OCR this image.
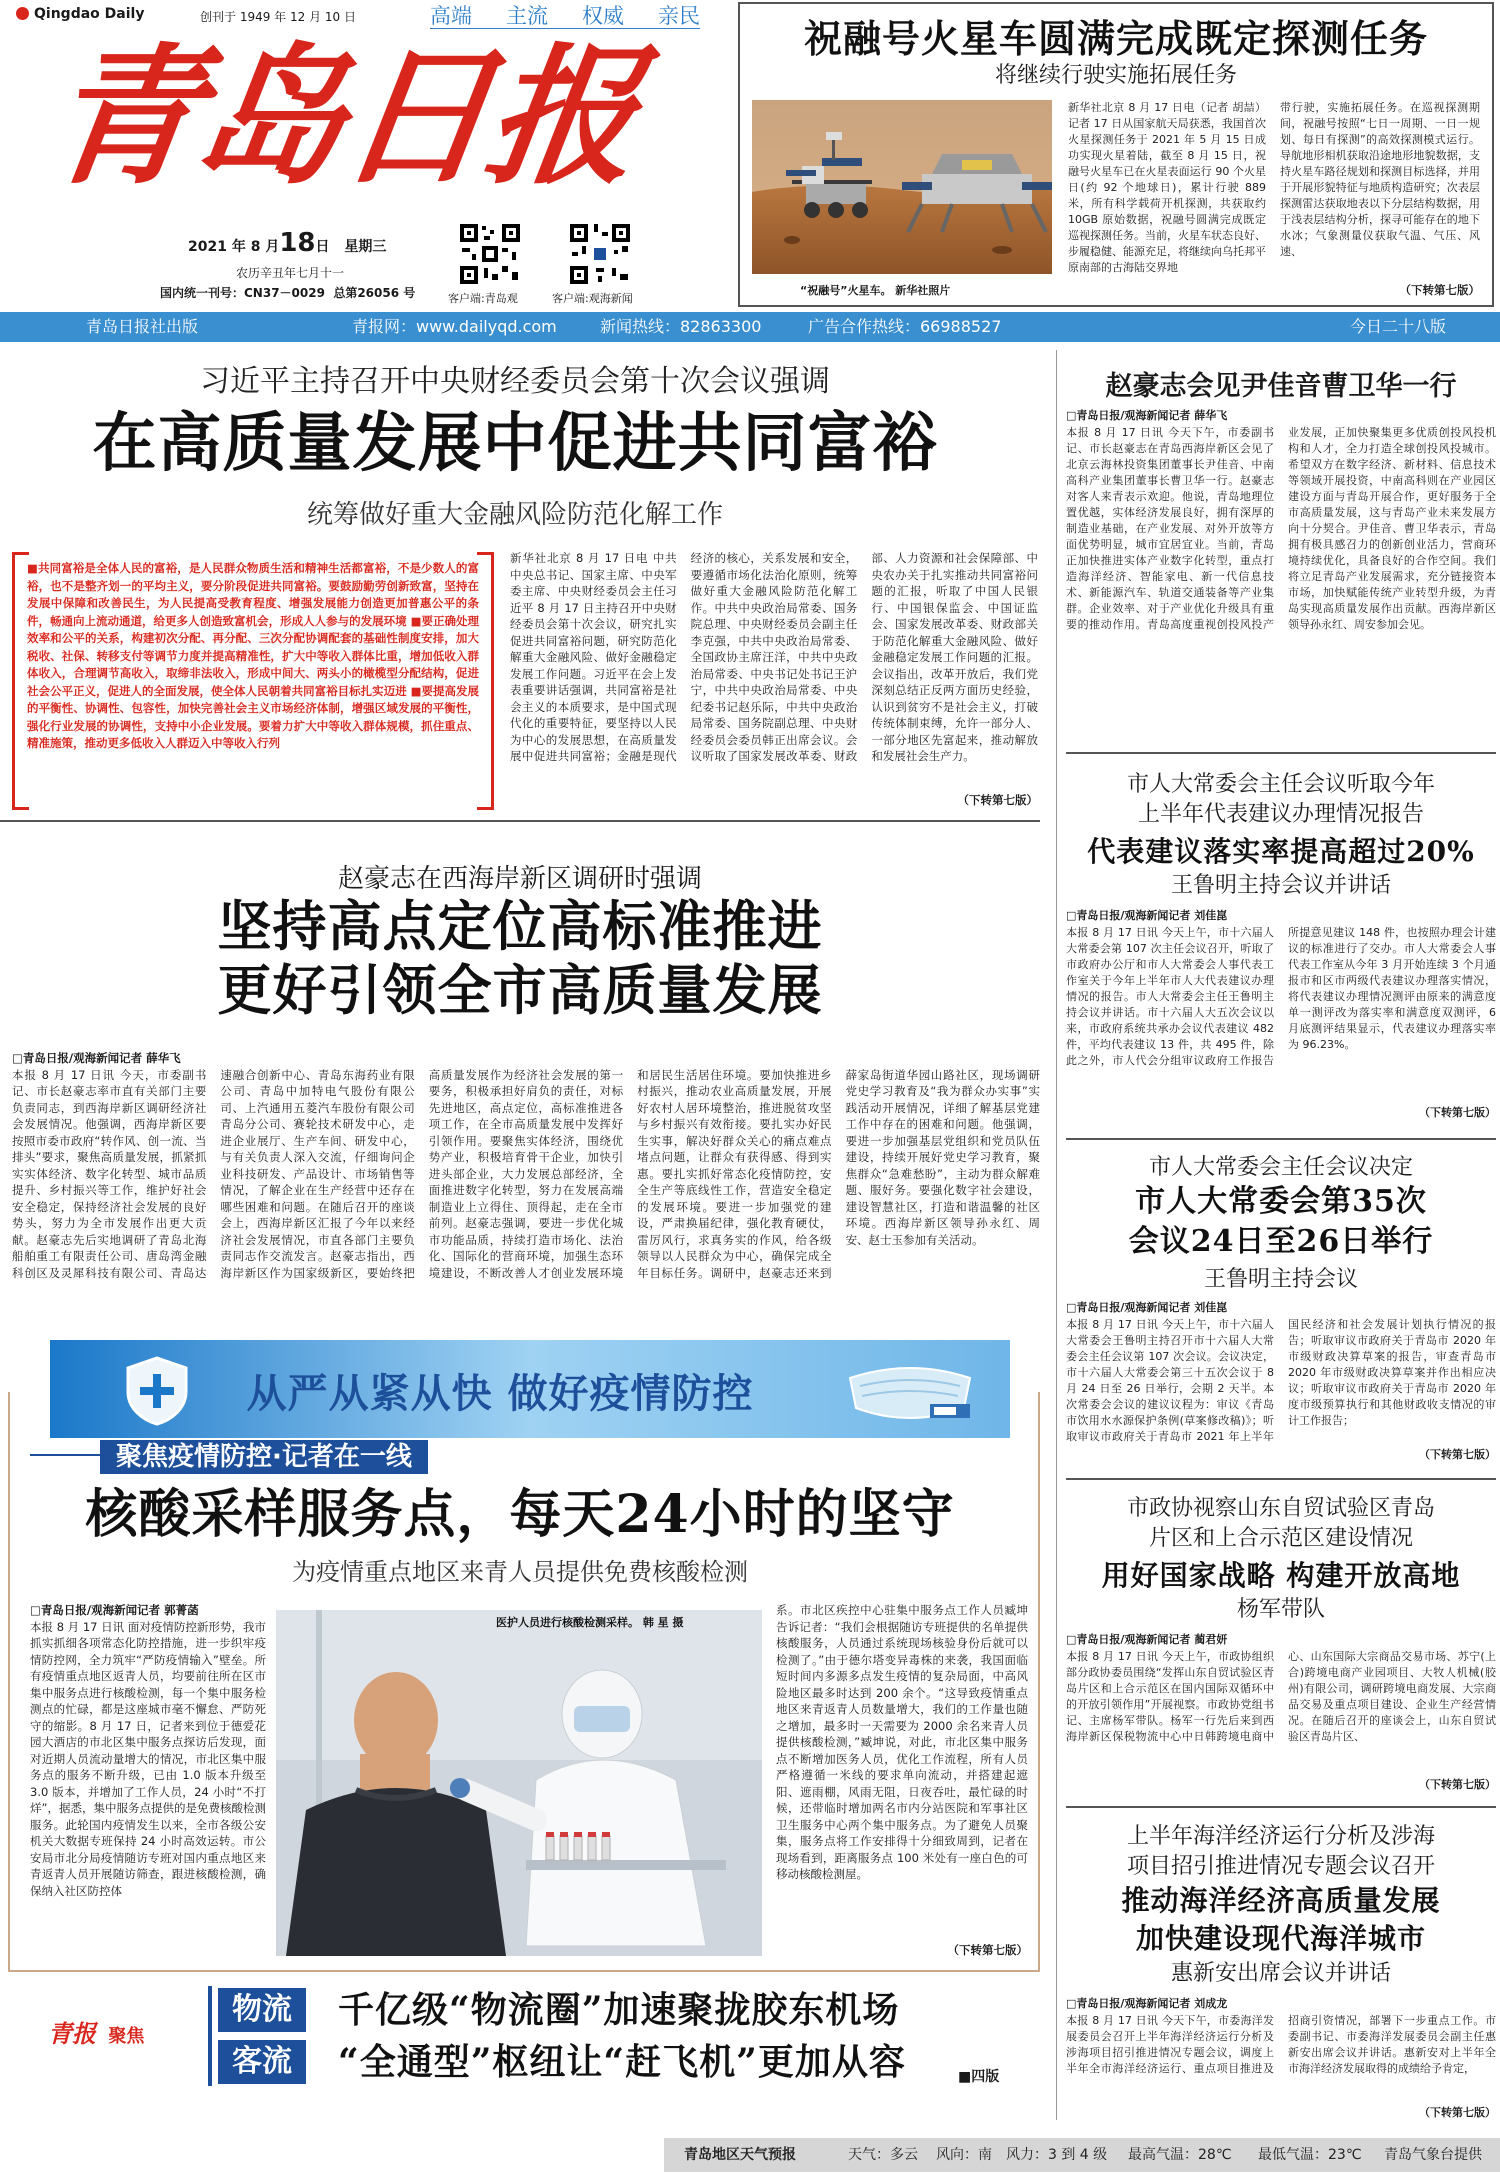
Qingdao Daily	创刊于 1949 年 12 月 10 日	高端 主流 权威 亲民
青岛日报
2021 年 8 月18日 星期三
农历辛丑年七月十一
国内统一刊号：CN37－0029 总第26056 号	客户端:青岛观	客户端:观海新闻
祝融号火星车圆满完成既定探测任务
将继续行驶实施拓展任务
“祝融号”火星车。 新华社照片

新华社北京 8 月 17 日电（记者 胡喆）记者 17 日从国家航天局获悉，我国首次火星探测任务于 2021 年 5 月 15 日成功实现火星着陆，截至 8 月 15 日，祝融号火星车已在火星表面运行 90 个火星日(约 92 个地球日)，累计行驶 889 米，所有科学载荷开机探测，共获取约 10GB 原始数据，祝融号圆满完成既定巡视探测任务。当前，火星车状态良好、步履稳健、能源充足，将继续向乌托邦平原南部的古海陆交界地

带行驶，实施拓展任务。在巡视探测期间，祝融号按照“七日一周期、一日一规划、每日有探测”的高效探测模式运行。导航地形相机获取沿途地形地貌数据，支持火星车路径规划和探测目标选择，并用于开展形貌特征与地质构造研究；次表层探测雷达获取地表以下分层结构数据，用于浅表层结构分析，探寻可能存在的地下水冰；气象测量仪获取气温、气压、风速、

（下转第七版）
青岛日报社出版	青报网：www.dailyqd.com	新闻热线：82863300	广告合作热线：66988527	今日二十八版
习近平主持召开中央财经委员会第十次会议强调
在高质量发展中促进共同富裕
统筹做好重大金融风险防范化解工作

■共同富裕是全体人民的富裕，是人民群众物质生活和精神生活都富裕，不是少数人的富裕，也不是整齐划一的平均主义，要分阶段促进共同富裕。要鼓励勤劳创新致富，坚持在发展中保障和改善民生，为人民提高受教育程度、增强发展能力创造更加普惠公平的条件，畅通向上流动通道，给更多人创造致富机会，形成人人参与的发展环境 ■要正确处理效率和公平的关系，构建初次分配、再分配、三次分配协调配套的基础性制度安排，加大税收、社保、转移支付等调节力度并提高精准性，扩大中等收入群体比重，增加低收入群体收入，合理调节高收入，取缔非法收入，形成中间大、两头小的橄榄型分配结构，促进社会公平正义，促进人的全面发展，使全体人民朝着共同富裕目标扎实迈进 ■要提高发展的平衡性、协调性、包容性，加快完善社会主义市场经济体制，增强区域发展的平衡性，强化行业发展的协调性，支持中小企业发展。要着力扩大中等收入群体规模，抓住重点、精准施策，推动更多低收入人群迈入中等收入行列

新华社北京 8 月 17 日电 中共中央总书记、国家主席、中央军委主席、中央财经委员会主任习近平 8 月 17 日主持召开中央财经委员会第十次会议，研究扎实促进共同富裕问题，研究防范化解重大金融风险、做好金融稳定发展工作问题。习近平在会上发表重要讲话强调，共同富裕是社会主义的本质要求，是中国式现代化的重要特征，要坚持以人民为中心的发展思想，在高质量发展中促进共同富裕；金融是现代经济的核心，关系发展和安全，要遵循市场化法治化原则，统筹做好重大金融风险防范化解工作。中共中央政治局常委、国务院总理、中央财经委员会副主任李克强，中共中央政治局常委、全国政协主席汪洋，中共中央政治局常委、中央书记处书记王沪宁，中共中央政治局常委、中央纪委书记赵乐际，中共中央政治局常委、国务院副总理、中央财经委员会委员韩正出席会议。会议听取了国家发展改革委、财政部、人力资源和社会保障部、中央农办关于扎实推动共同富裕问题的汇报，听取了中国人民银行、中国银保监会、中国证监会、国家发展改革委、财政部关于防范化解重大金融风险、做好金融稳定发展工作问题的汇报。会议指出，改革开放后，我们党深刻总结正反两方面历史经验，认识到贫穷不是社会主义，打破传统体制束缚，允许一部分人、一部分地区先富起来，推动解放和发展社会生产力。

（下转第七版）
赵豪志在西海岸新区调研时强调
坚持高点定位高标准推进
更好引领全市高质量发展

□青岛日报/观海新闻记者 薛华飞

本报 8 月 17 日讯 今天，市委副书记、市长赵豪志率市直有关部门主要负责同志，到西海岸新区调研经济社会发展情况。他强调，西海岸新区要按照市委市政府“转作风、创一流、当排头”要求，聚焦高质量发展，抓紧抓实实体经济、数字化转型、城市品质提升、乡村振兴等工作，维护好社会安全稳定，保持经济社会发展的良好势头，努力为全市发展作出更大贡献。赵豪志先后实地调研了青岛北海船舶重工有限责任公司、唐岛湾金融科创区及灵犀科技有限公司、青岛达速融合创新中心、青岛东海药业有限公司、青岛中加特电气股份有限公司、上汽通用五菱汽车股份有限公司青岛分公司、赛轮技术研发中心，走进企业展厅、生产车间、研发中心，与有关负责人深入交流，仔细询问企业科技研发、产品设计、市场销售等情况，了解企业在生产经营中还存在哪些困难和问题。在随后召开的座谈会上，西海岸新区汇报了今年以来经济社会发展情况，市直各部门主要负责同志作交流发言。赵豪志指出，西海岸新区作为国家级新区，要始终把高质量发展作为经济社会发展的第一要务，积极承担好肩负的责任，对标先进地区，高点定位，高标准推进各项工作，在全市高质量发展中发挥好引领作用。要聚焦实体经济，围绕优势产业，积极培育骨干企业，加快引进头部企业，大力发展总部经济，全面推进数字化转型，努力在发展高端制造业上立得住、顶得起，走在全市前列。赵豪志强调，要进一步优化城市功能品质，持续打造市场化、法治化、国际化的营商环境，加强生态环境建设，不断改善人才创业发展环境和居民生活居住环境。要加快推进乡村振兴，推动农业高质量发展，开展好农村人居环境整治，推进脱贫攻坚与乡村振兴有效衔接。要扎实办好民生实事，解决好群众关心的痛点难点堵点问题，让群众有获得感、得到实惠。要扎实抓好常态化疫情防控，安全生产等底线性工作，营造安全稳定的发展环境。要进一步加强党的建设，严肃换届纪律，强化教育硬仗，雷厉风行，求真务实的作风，给各级领导以人民群众为中心，确保完成全年目标任务。调研中，赵豪志还来到薛家岛街道华园山路社区，现场调研党史学习教育及“我为群众办实事”实践活动开展情况，详细了解基层党建工作中存在的困难和问题。他强调，要进一步加强基层党组织和党员队伍建设，持续开展好党史学习教育，聚焦群众“急难愁盼”，主动为群众解难题、服好务。要强化数字社会建设，建设智慧社区，打造和谐温馨的社区环境。西海岸新区领导孙永红、周安、赵士玉参加有关活动。

从严从紧从快 做好疫情防控
聚焦疫情防控·记者在一线
核酸采样服务点，每天24小时的坚守
为疫情重点地区来青人员提供免费核酸检测

□青岛日报/观海新闻记者 郭菁菡

本报 8 月 17 日讯 面对疫情防控新形势，我市抓实抓细各项常态化防控措施，进一步织牢疫情防控网，全力筑牢“严防疫情输入”壁垒。所有疫情重点地区返青人员，均要前往所在区市集中服务点进行核酸检测，每一个集中服务检测点的忙碌，都是这座城市毫不懈怠、严防死守的缩影。8 月 17 日，记者来到位于德爱花园大酒店的市北区集中服务点探访后发现，面对近期人员流动量增大的情况，市北区集中服务点的服务不断升级，已由 1.0 版本升级至 3.0 版本，并增加了工作人员，24 小时“不打烊”，据悉，集中服务点提供的是免费核酸检测服务。此轮国内疫情发生以来，全市各级公安机关大数据专班保持 24 小时高效运转。市公安局市北分局疫情随访专班对国内重点地区来青返青人员开展随访筛查，跟进核酸检测，确保纳入社区防控体

医护人员进行核酸检测采样。 韩 星 摄

系。市北区疾控中心驻集中服务点工作人员臧坤告诉记者：“我们会根据随访专班提供的名单提供核酸服务，人员通过系统现场核验身份后就可以检测了。”由于德尔塔变异毒株的来袭，我国面临短时间内多源多点发生疫情的复杂局面，中高风险地区最多时达到 200 余个。“这导致疫情重点地区来青返青人员数量增大，我们的工作量也随之增加，最多时一天需要为 2000 余名来青人员提供核酸检测，”臧坤说，对此，市北区集中服务点不断增加医务人员，优化工作流程，所有人员严格遵循一米线的要求单向流动，并搭建起遮阳、遮雨棚，风雨无阻，日夜吞吐，最忙碌的时候，还带临时增加两名市内分站医院和军事社区卫生服务中心两个集中服务点。为了避免人员聚集，服务点将工作安排得十分细致周到，记者在现场看到，距离服务点 100 米处有一座白色的可移动核酸检测屋。

（下转第七版）
青报 聚焦
物流	千亿级“物流圈”加速聚拢胶东机场
客流	“全通型”枢纽让“赶飞机”更加从容	■四版
赵豪志会见尹佳音曹卫华一行

□青岛日报/观海新闻记者 薛华飞

本报 8 月 17 日讯 今天下午，市委副书记、市长赵豪志在青岛西海岸新区会见了北京云海林投资集团董事长尹佳音、中南高科产业集团董事长曹卫华一行。赵豪志对客人来青表示欢迎。他说，青岛地理位置优越，实体经济发展良好，拥有深厚的制造业基础，在产业发展、对外开放等方面优势明显，城市宜居宜业。当前，青岛正加快推进实体产业数字化转型，重点打造海洋经济、智能家电、新一代信息技术、新能源汽车、轨道交通装备等产业集群。企业效率、对于产业优化升级具有重要的推动作用。青岛高度重视创投风投产业发展，正加快聚集更多优质创投风投机构和人才，全力打造全球创投风投城市。希望双方在数字经济、新材料、信息技术等领域开展投资，中南高科则在产业园区建设方面与青岛开展合作，更好服务于全市高质量发展，这与青岛产业未来发展方向十分契合。尹佳音、曹卫华表示，青岛拥有极具感召力的创新创业活力，营商环境持续优化，具备良好的合作空间。我们将立足青岛产业发展需求，充分链接资本市场，加快赋能传统产业转型升级，为青岛实现高质量发展作出贡献。西海岸新区领导孙永红、周安参加会见。

市人大常委会主任会议听取今年
上半年代表建议办理情况报告
代表建议落实率提高超过20%
王鲁明主持会议并讲话

□青岛日报/观海新闻记者 刘佳崑

本报 8 月 17 日讯 今天上午，市十六届人大常委会第 107 次主任会议召开，听取了市政府办公厅和市人大常委会人事代表工作室关于今年上半年市人大代表建议办理情况的报告。市人大常委会主任王鲁明主持会议并讲话。市十六届人大五次会议以来，市政府系统共承办会议代表建议 482 件，平均代表建议 13 件，共 495 件，除此之外，市人代会分组审议政府工作报告所提意见建议 148 件，也按照办理会计建议的标准进行了交办。市人大常委会人事代表工作室从今年 3 月开始连续 3 个月通报市和区市两级代表建议办理落实情况，将代表建议办理情况测评由原来的满意度单一测评改为落实率和满意度双测评，6 月底测评结果显示，代表建议办理落实率为 96.23%。

（下转第七版）
市人大常委会主任会议决定
市人大常委会第35次
会议24日至26日举行
王鲁明主持会议

□青岛日报/观海新闻记者 刘佳崑

本报 8 月 17 日讯 今天上午，市十六届人大常委会王鲁明主持召开市十六届人大常委会主任会议第 107 次会议。会议决定，市十六届人大常委会第三十五次会议于 8 月 24 日至 26 日举行，会期 2 天半。本次常委会会议的建议议程为：审议《青岛市饮用水水源保护条例(草案修改稿)》；听取审议市政府关于青岛市 2021 年上半年国民经济和社会发展计划执行情况的报告；听取审议市政府关于青岛市 2020 年市级财政决算草案的报告，审查青岛市 2020 年市级财政决算草案并作出相应决议；听取审议市政府关于青岛市 2020 年度市级预算执行和其他财政收支情况的审计工作报告；

（下转第七版）
市政协视察山东自贸试验区青岛
片区和上合示范区建设情况
用好国家战略 构建开放高地
杨军带队

□青岛日报/观海新闻记者 蔺君妍

本报 8 月 17 日讯 今天上午，市政协组织部分政协委员围绕“发挥山东自贸试验区青岛片区和上合示范区在国内国际双循环中的开放引领作用”开展视察。市政协党组书记、主席杨军带队。杨军一行先后来到西海岸新区保税物流中心中日韩跨境电商中心、山东国际大宗商品交易市场、苏宁(上合)跨境电商产业园项目、大牧人机械(胶州)有限公司，调研跨境电商发展、大宗商品交易及重点项目建设、企业生产经营情况。在随后召开的座谈会上，山东自贸试验区青岛片区、

（下转第七版）
上半年海洋经济运行分析及涉海
项目招引推进情况专题会议召开
推动海洋经济高质量发展
加快建设现代海洋城市
惠新安出席会议并讲话

□青岛日报/观海新闻记者 刘成龙

本报 8 月 17 日讯 今天下午，市委海洋发展委员会召开上半年海洋经济运行分析及涉海项目招引推进情况专题会议，调度上半年全市海洋经济运行、重点项目推进及招商引资情况，部署下一步重点工作。市委副书记、市委海洋发展委员会副主任惠新安出席会议并讲话。惠新安对上半年全市海洋经济发展取得的成绩给予肯定，

（下转第七版）
青岛地区天气预报	天气：多云 风向：南 风力：3 到 4 级 最高气温：28℃ 最低气温：23℃ 青岛气象台提供
